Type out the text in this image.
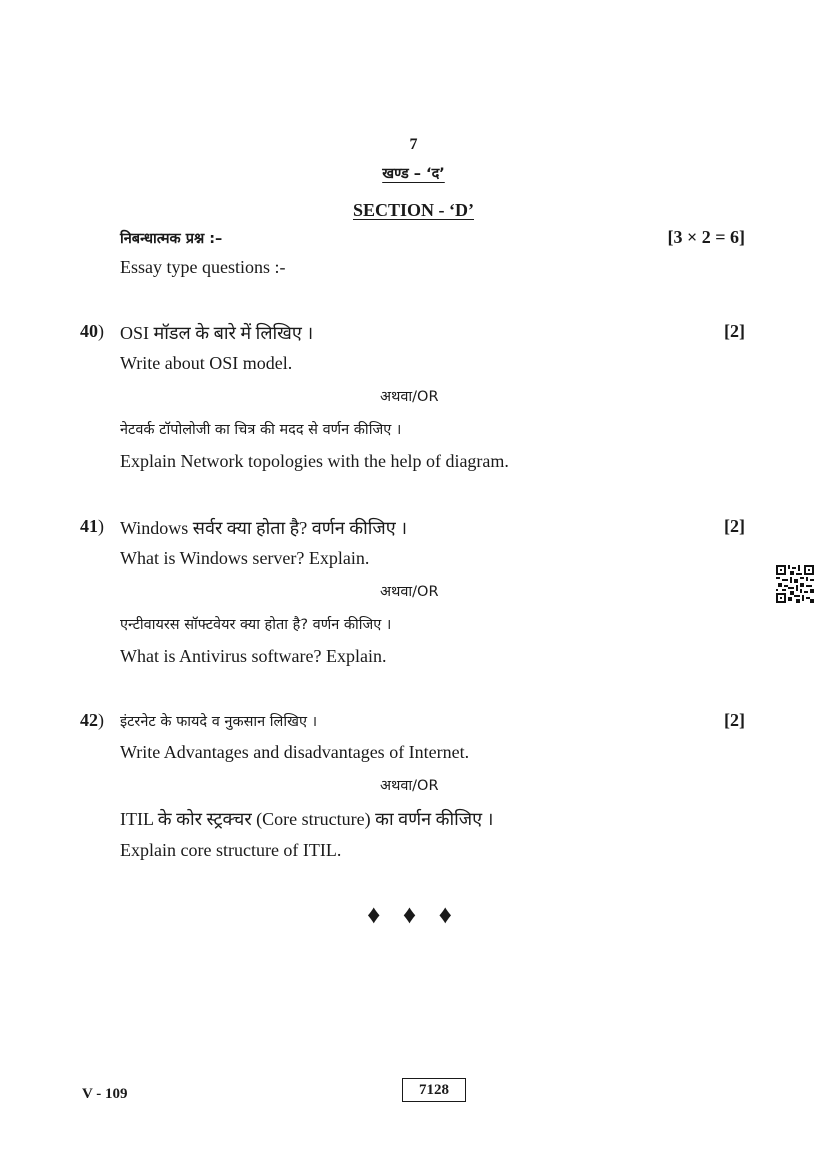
7
खण्ड – ‘द’
SECTION - ‘D’
निबन्धात्मक प्रश्न :–	[3 × 2 = 6]
Essay type questions :-
40) OSI मॉडल के बारे में लिखिए ।	[2]
Write about OSI model.
अथवा/OR
नेटवर्क टॉपोलोजी का चित्र की मदद से वर्णन कीजिए ।
Explain Network topologies with the help of diagram.
41) Windows सर्वर क्या होता है? वर्णन कीजिए ।	[2]
What is Windows server? Explain.
अथवा/OR
एन्टीवायरस सॉफ्टवेयर क्या होता है? वर्णन कीजिए ।
What is Antivirus software? Explain.
42) इंटरनेट के फायदे व नुकसान लिखिए ।	[2]
Write Advantages and disadvantages of Internet.
अथवा/OR
ITIL के कोर स्ट्रक्चर (Core structure) का वर्णन कीजिए ।
Explain core structure of ITIL.
♦ ♦ ♦
V - 109	7128
